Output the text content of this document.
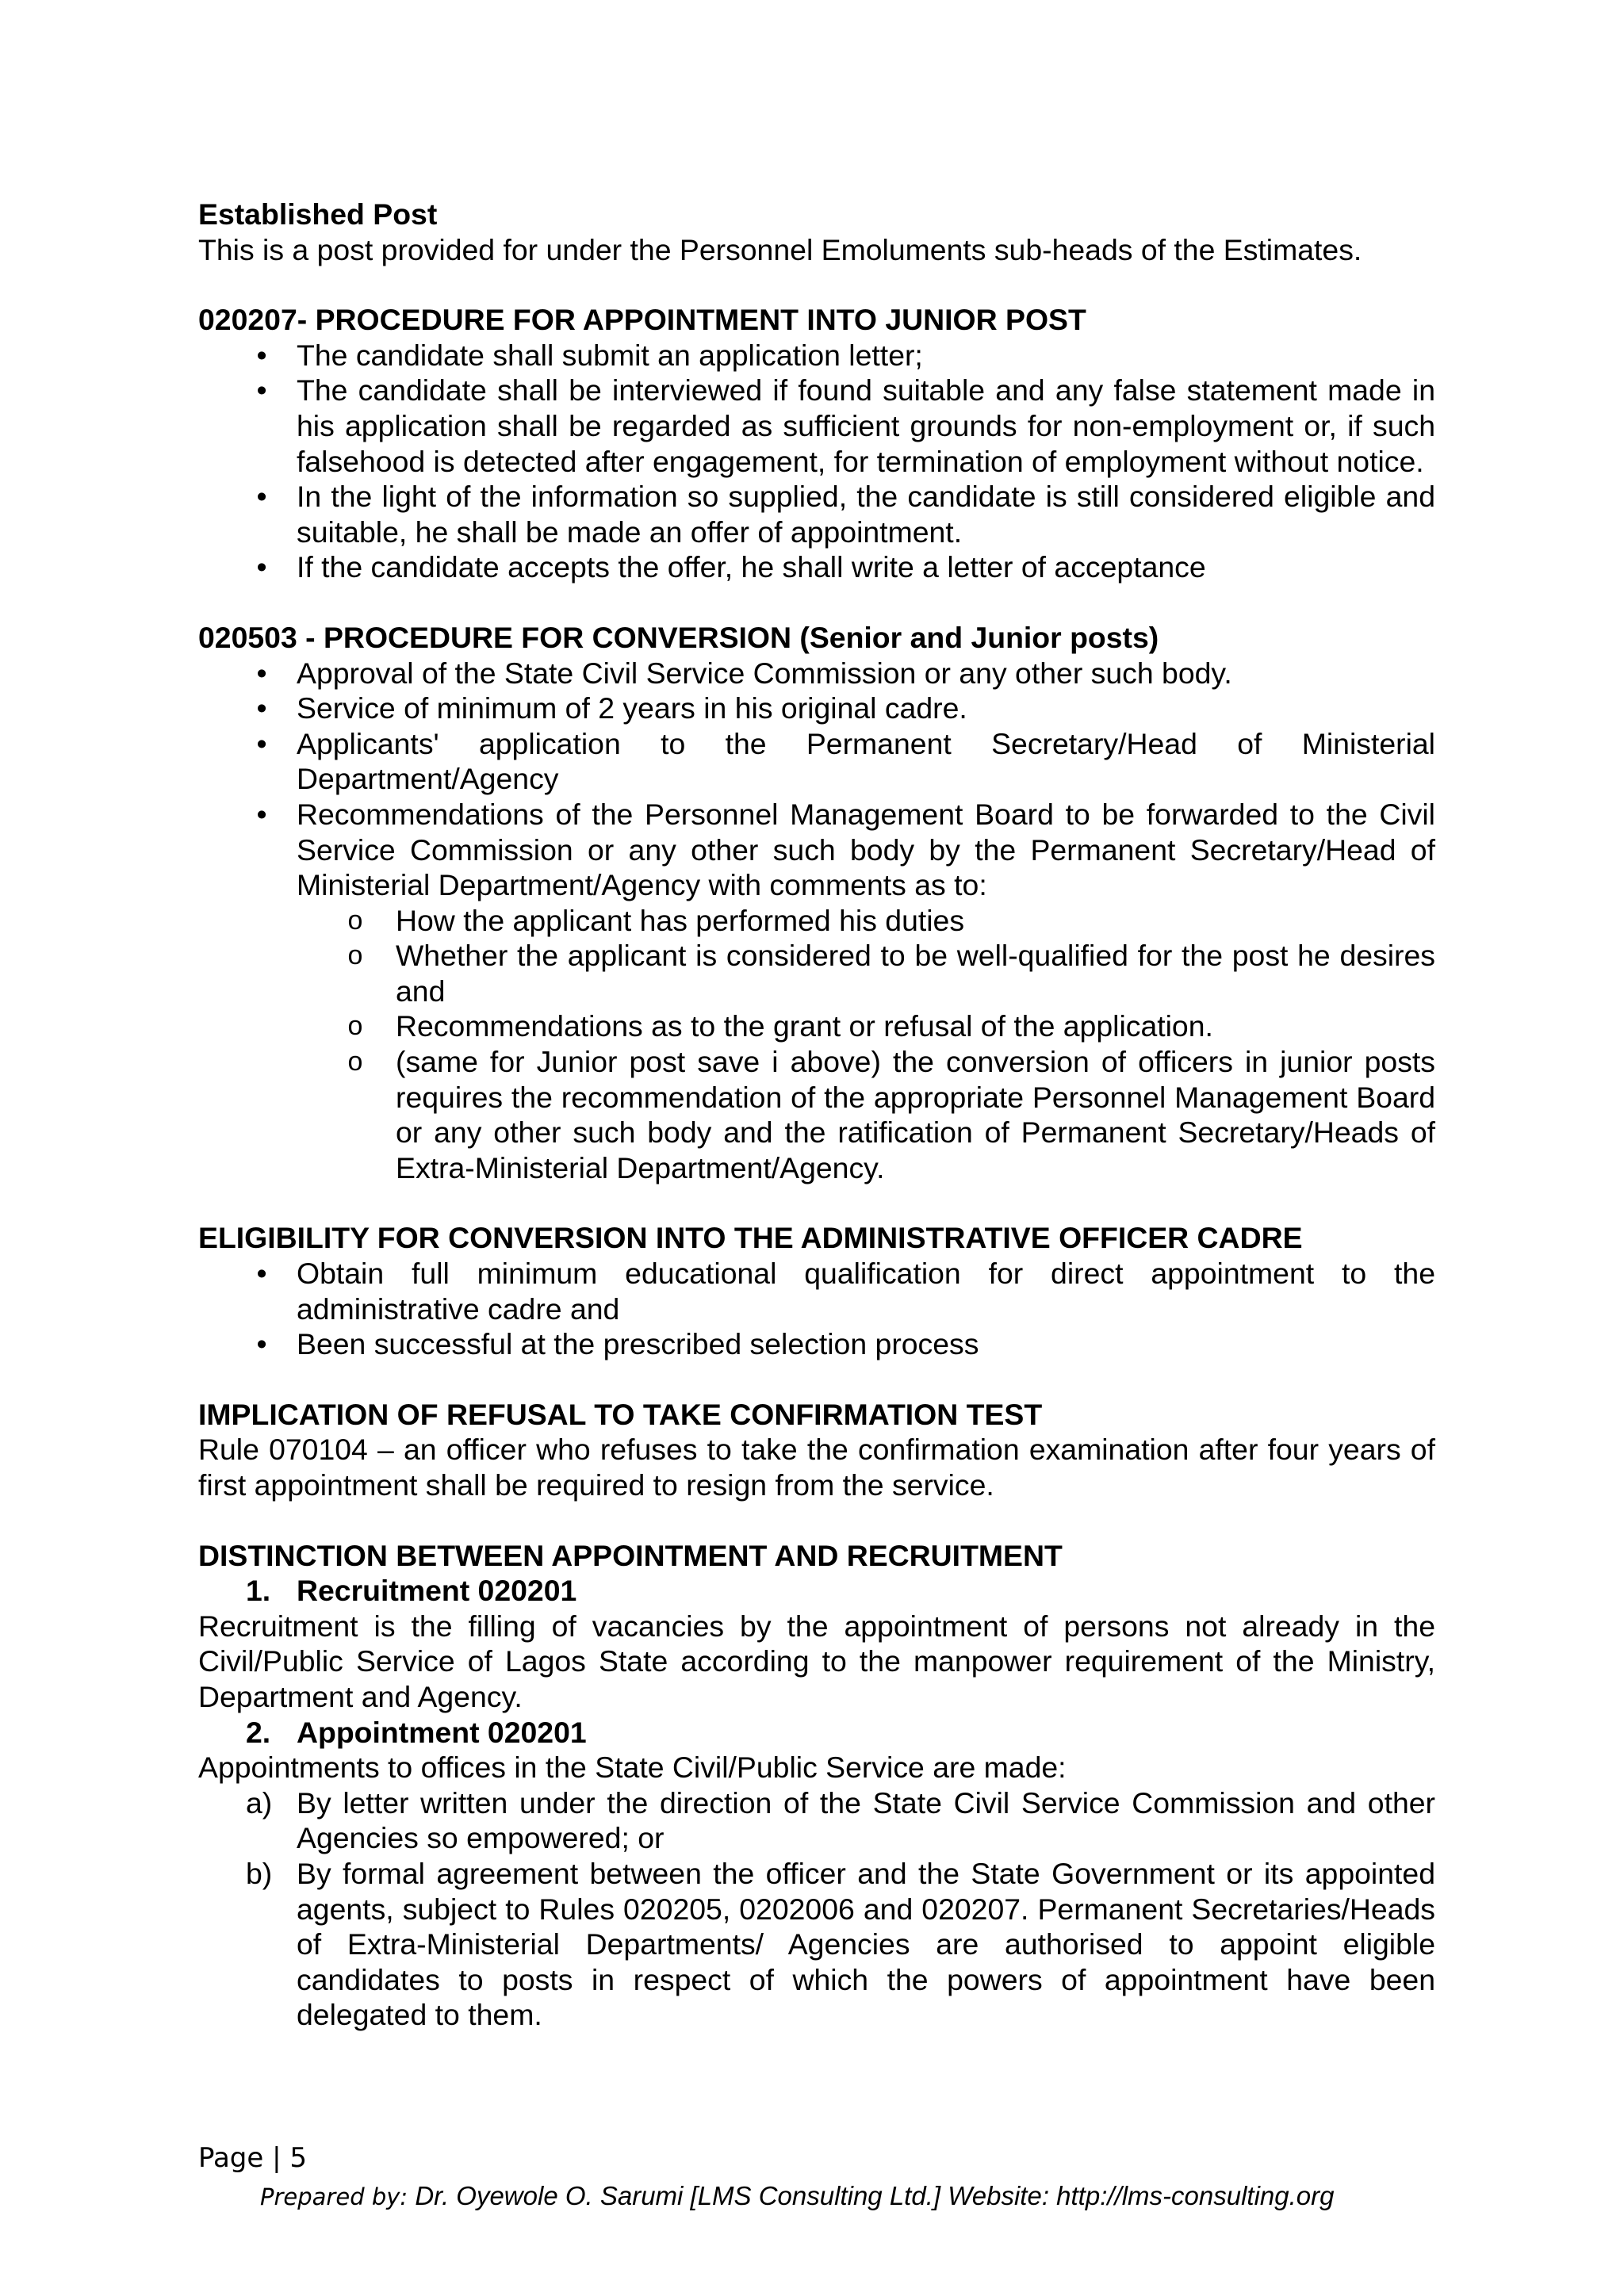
Established Post

This is a post provided for under the Personnel Emoluments sub-heads of the Estimates.

020207- PROCEDURE FOR APPOINTMENT INTO JUNIOR POST

• The candidate shall submit an application letter;
• The candidate shall be interviewed if found suitable and any false statement made in his application shall be regarded as sufficient grounds for non-employment or, if such falsehood is detected after engagement, for termination of employment without notice.
• In the light of the information so supplied, the candidate is still considered eligible and suitable, he shall be made an offer of appointment.
• If the candidate accepts the offer, he shall write a letter of acceptance

020503 - PROCEDURE FOR CONVERSION (Senior and Junior posts)

• Approval of the State Civil Service Commission or any other such body.
• Service of minimum of 2 years in his original cadre.
• Applicants' application to the Permanent Secretary/Head of Ministerial Department/Agency
• Recommendations of the Personnel Management Board to be forwarded to the Civil Service Commission or any other such body by the Permanent Secretary/Head of Ministerial Department/Agency with comments as to:
o How the applicant has performed his duties
o Whether the applicant is considered to be well-qualified for the post he desires and
o Recommendations as to the grant or refusal of the application.
o (same for Junior post save i above) the conversion of officers in junior posts requires the recommendation of the appropriate Personnel Management Board or any other such body and the ratification of Permanent Secretary/Heads of Extra-Ministerial Department/Agency.

ELIGIBILITY FOR CONVERSION INTO THE ADMINISTRATIVE OFFICER CADRE

• Obtain full minimum educational qualification for direct appointment to the administrative cadre and
• Been successful at the prescribed selection process

IMPLICATION OF REFUSAL TO TAKE CONFIRMATION TEST

Rule 070104 – an officer who refuses to take the confirmation examination after four years of first appointment shall be required to resign from the service.

DISTINCTION BETWEEN APPOINTMENT AND RECRUITMENT

1. Recruitment 020201

Recruitment is the filling of vacancies by the appointment of persons not already in the Civil/Public Service of Lagos State according to the manpower requirement of the Ministry, Department and Agency.

2. Appointment 020201

Appointments to offices in the State Civil/Public Service are made:

a) By letter written under the direction of the State Civil Service Commission and other Agencies so empowered; or
b) By formal agreement between the officer and the State Government or its appointed agents, subject to Rules 020205, 0202006 and 020207. Permanent Secretaries/Heads of Extra-Ministerial Departments/ Agencies are authorised to appoint eligible candidates to posts in respect of which the powers of appointment have been delegated to them.
Page | 5
Prepared by: Dr. Oyewole O. Sarumi [LMS Consulting Ltd.] Website: http://lms-consulting.org
